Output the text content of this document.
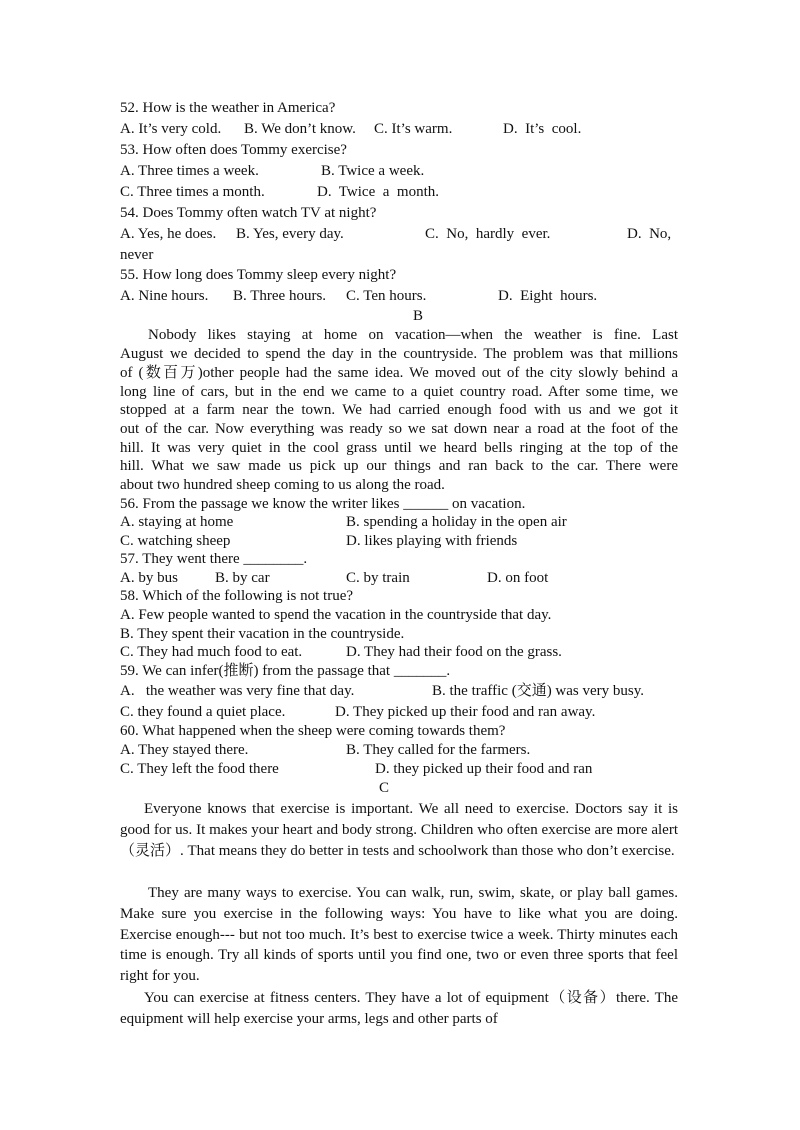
52. How is the weather in America?
A. It’s very cold. B. We don’t know. C. It’s warm.	D.  It’s  cool.
53. How often does Tommy exercise?
A. Three times a week.	B. Twice a week.
C. Three times a month.	D.  Twice  a  month.
54. Does Tommy often watch TV at night?
A. Yes, he does. B. Yes, every day.	C.  No,  hardly  ever.	D.  No,
never
55. How long does Tommy sleep every night?
A. Nine hours. B. Three hours. C. Ten hours.	D.  Eight  hours.
B
Nobody likes staying at home on vacation—when the weather is fine. Last
August we decided to spend the day in the countryside. The problem was that millions
of (数百万)other people had the same idea. We moved out of the city slowly behind a
long line of cars, but in the end we came to a quiet country road. After some time, we
stopped at a farm near the town. We had carried enough food with us and we got it
out of the car. Now everything was ready so we sat down near a road at the foot of the
hill. It was very quiet in the cool grass until we heard bells ringing at the top of the
hill. What we saw made us pick up our things and ran back to the car. There were
about two hundred sheep coming to us along the road.
56. From the passage we know the writer likes ______ on vacation.
A. staying at home	B. spending a holiday in the open air
C. watching sheep	D. likes playing with friends
57. They went there ________.
A. by bus B. by car	C. by train	D. on foot
58. Which of the following is not true?
A. Few people wanted to spend the vacation in the countryside that day.
B. They spent their vacation in the countryside.
C. They had much food to eat.	D. They had their food on the grass.
59. We can infer(推断) from the passage that _______.
A.   the weather was very fine that day.	B. the traffic (交通) was very busy.
C. they found a quiet place.	D. They picked up their food and ran away.
60. What happened when the sheep were coming towards them?
A. They stayed there.	B. They called for the farmers.
C. They left the food there	D. they picked up their food and ran
C
Everyone knows that exercise is important. We all need to exercise. Doctors say it is good for us. It makes your heart and body strong. Children who often exercise are more alert（灵活）. That means they do better in tests and schoolwork than those who don’t exercise.
They are many ways to exercise. You can walk, run, swim, skate, or play ball games. Make sure you exercise in the following ways: You have to like what you are doing. Exercise enough--- but not too much. It’s best to exercise twice a week. Thirty minutes each time is enough. Try all kinds of sports until you find one, two or even three sports that feel right for you.
You can exercise at fitness centers. They have a lot of equipment（设备）there. The equipment will help exercise your arms, legs and other parts of
